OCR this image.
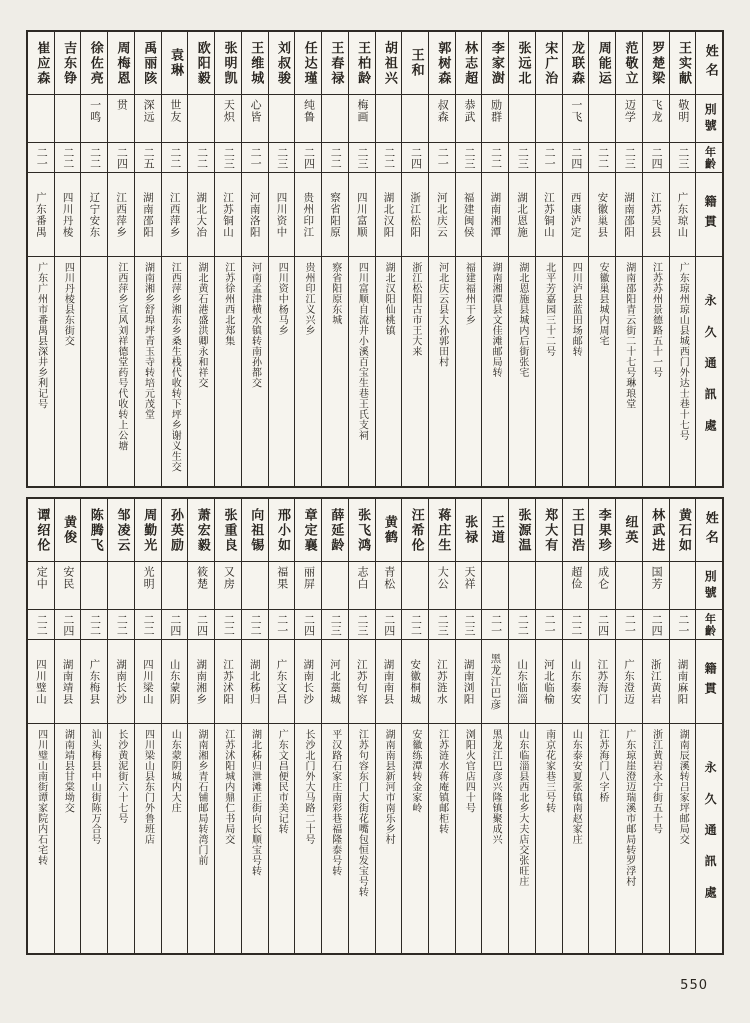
崔应森
二一
广东番禺
广东广州市番禺县深井乡利记号
吉东铮
二二
四川丹棱
四川丹棱县东街交
徐佐亮
一鸣
二二
辽宁安东
周梅恩
贯
二四
江西萍乡
江西萍乡宣风刘祥德堂药号代收转上公塘
禹丽陔
深远
二五
湖南邵阳
湖南湘乡舒埠坪青玉寺转培元茂堂
袁琳
世友
二二
江西萍乡
江西萍乡湘东乡桑生栈代收转下坪乡谢义生交
欧阳毅
二二
湖北大冶
湖北黄石港盛洪卿永和祥交
张明凯
天炽
二三
江苏铜山
江苏徐州西北郑集
王维城
心皆
二一
河南洛阳
河南孟津横水镇转南孙都交
刘叔骏
二三
四川资中
四川资中杨马乡
任达瑾
纯鲁
二四
贵州印江
贵州印江义兴乡
王春禄
二二
察省阳原
察省阳原东城
王柏龄
梅画
二三
四川富顺
四川富顺自流井小溪百宝生巷王氏支祠
胡祖兴
二二
湖北汉阳
湖北汉阳仙桃镇
王和
二四
浙江松阳
浙江松阳古市王大来
郭树森
叔森
二一
河北庆云
河北庆云县大孙郭田村
林志超
恭武
二三
福建闽侯
福建福州干乡
李家澍
励群
二二
湖南湘潭
湖南湘潭县文佳滩邮局转
张远北
二三
湖北恩施
湖北恩施县城内后街张宅
宋广治
二一
江苏铜山
北平芳嘉园三十二号
龙联森
一飞
二四
西康泸定
四川泸县蓝田场邮转
周能运
二二
安徽巢县
安徽巢县城内周宅
范敬立
迈学
二三
湖南邵阳
湖南邵阳青云街二十七号琳琅堂
罗楚梁
飞龙
二四
江苏吴县
江苏苏州景德路五十一号
王实献
敬明
二三
广东琼山
广东琼州琼山县城西门外达士巷十七号
姓名
別號
年齡
籍貫
永久通訊處
谭绍伦
定中
二二
四川璧山
四川璧山南街谭家院内石宅转
黄俊
安民
二四
湖南靖县
湖南靖县甘棠坳交
陈腾飞
二二
广东梅县
汕头梅县中山街陈万合号
邹凌云
二二
湖南长沙
长沙黄泥街六十七号
周勤光
光明
二二
四川梁山
四川梁山县东门外鲁班店
孙英励
二四
山东蒙阴
山东蒙阴城内大庄
萧宏毅
筱楚
二四
湖南湘乡
湖南湘乡青石铺邮局转湾门前
张重良
又房
二二
江苏沭阳
江苏沭阳城内鼎仁书局交
向祖锡
二二
湖北秭归
湖北秭归泄滩正街向长顺宝号转
邢小如
福果
二一
广东文昌
广东文昌便民市美记转
章定襄
丽屏
二四
湖南长沙
长沙北门外大马路二十号
薛延龄
二三
河北藁城
平汉路石家庄南彩巷福隆泰号转
张飞鸿
志白
二三
江苏句容
江苏句容东门大街花嘴包恒发宝号转
黄鹤
青松
二四
湖南南县
湖南南县新河市南乐乡村
汪希伦
二二
安徽桐城
安徽练潭转金家岭
蒋庄生
大公
二三
江苏涟水
江苏涟水蒋庵镇邮柜转
张禄
天祥
二三
湖南浏阳
浏阳火官店四十号
王道
二一
黑龙江巴彦
黑龙江巴彦兴隆镇聚成兴
张源温
二二
山东临淄
山东临淄县西北乡大夫店交张旺庄
郑大有
二一
河北临榆
南京花家巷三号转
王日浩
超俭
二二
山东泰安
山东泰安夏张镇南赵家庄
李果珍
成仑
二四
江苏海门
江苏海门八字桥
纽英
二一
广东澄迈
广东琼崖澄迈瑞溪市邮局转罗浮村
林武进
国芳
二四
浙江黄岩
浙江黄岩永宁街五十号
黄石如
二一
湖南麻阳
湖南辰溪转吕家坪邮局交
姓名
別號
年齡
籍貫
永久通訊處
550
